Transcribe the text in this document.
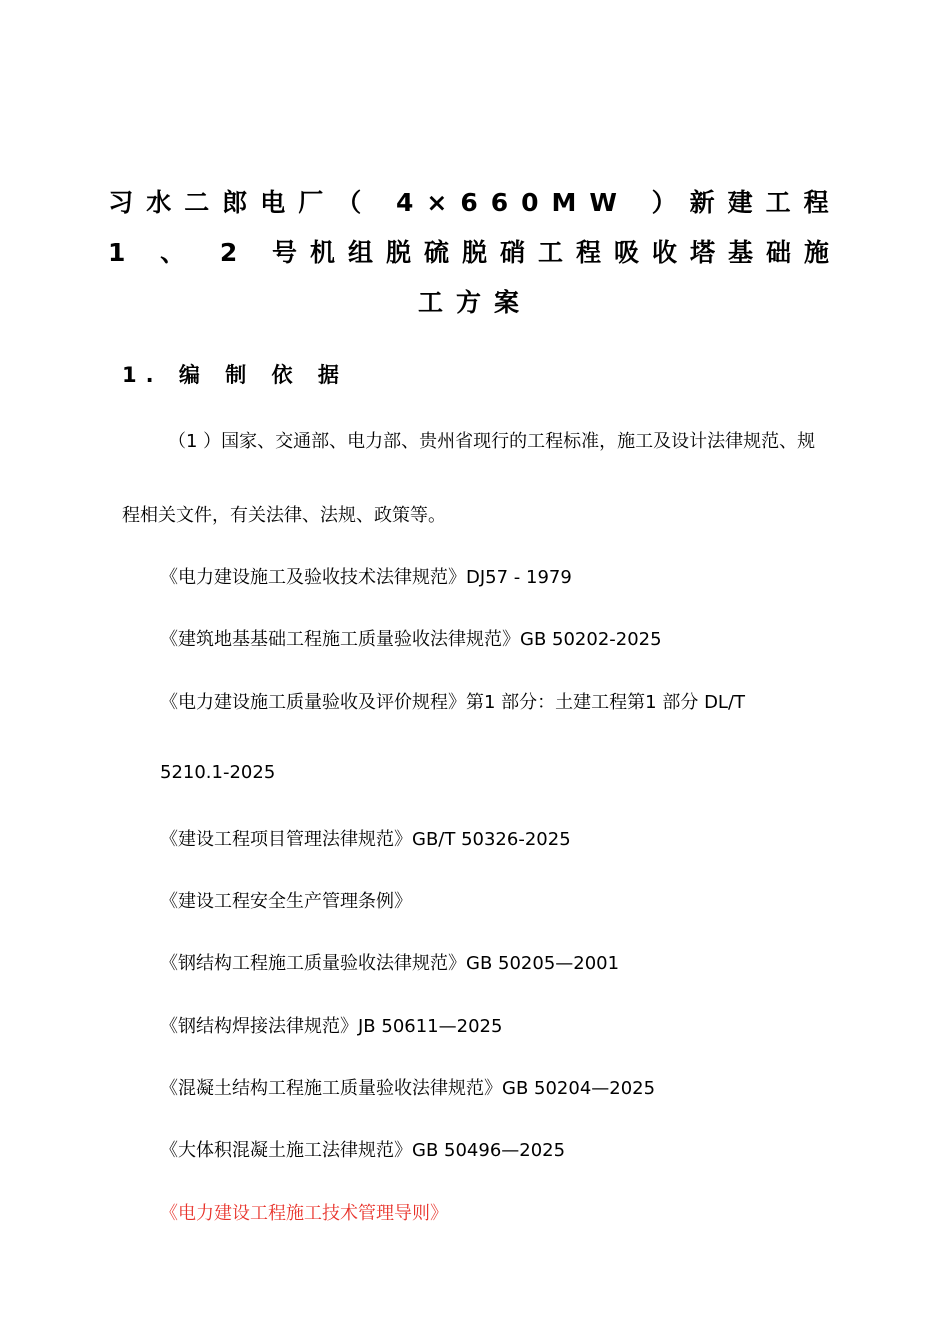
习水二郎电厂（ 4×660MW ）新建工程
1 、 2 号机组脱硫脱硝工程吸收塔基础施
工方案
1. 编 制 依 据
（1 ）国家、交通部、电力部、贵州省现行的工程标准，施工及设计法律规范、规
程相关文件，有关法律、法规、政策等。
《电力建设施工及验收技术法律规范》DJ57 - 1979
《建筑地基基础工程施工质量验收法律规范》GB 50202-2025
《电力建设施工质量验收及评价规程》第1 部分：土建工程第1 部分 DL/T
5210.1-2025
《建设工程项目管理法律规范》GB/T 50326-2025
《建设工程安全生产管理条例》
《钢结构工程施工质量验收法律规范》GB 50205—2001
《钢结构焊接法律规范》JB 50611—2025
《混凝土结构工程施工质量验收法律规范》GB 50204—2025
《大体积混凝土施工法律规范》GB 50496—2025
《电力建设工程施工技术管理导则》
